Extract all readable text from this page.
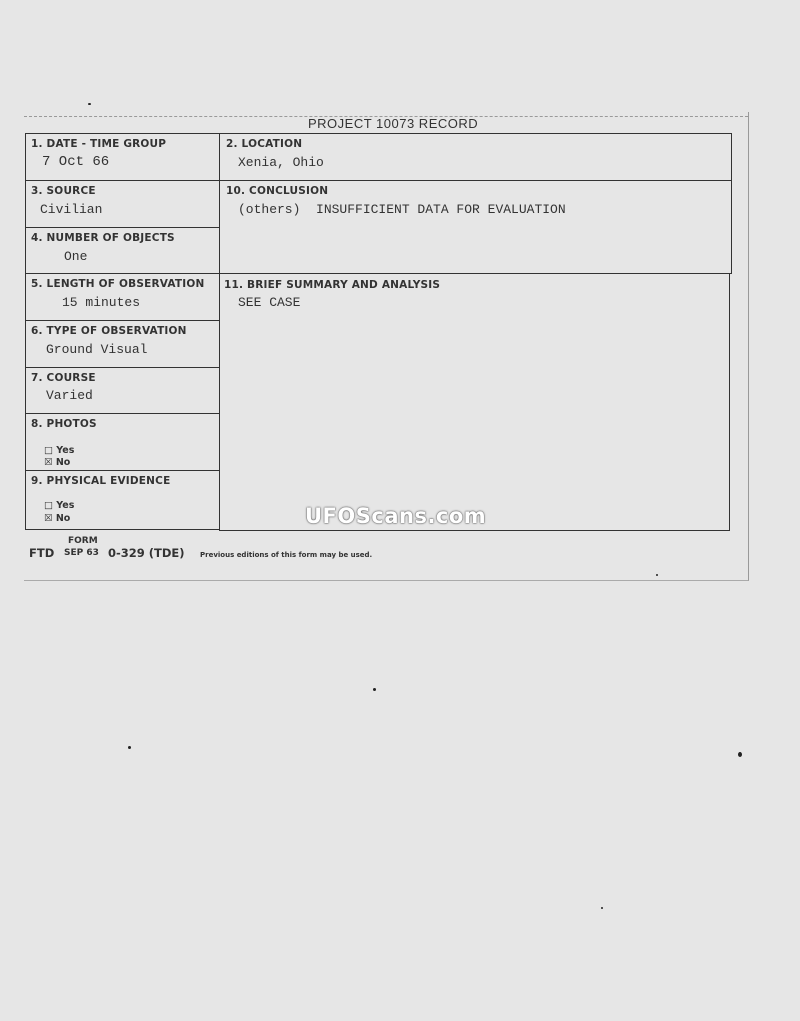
PROJECT 10073 RECORD
1. DATE - TIME GROUP
7 Oct 66
3. SOURCE
Civilian
4. NUMBER OF OBJECTS
One
5. LENGTH OF OBSERVATION
15 minutes
6. TYPE OF OBSERVATION
Ground Visual
7. COURSE
Varied
8. PHOTOS
□ Yes
☒ No
9. PHYSICAL EVIDENCE
□ Yes
☒ No
2. LOCATION
Xenia, Ohio
10. CONCLUSION
(others)  INSUFFICIENT DATA FOR EVALUATION
11. BRIEF SUMMARY AND ANALYSIS
SEE CASE
FORM
FTD SEP 63 0-329 (TDE) Previous editions of this form may be used.
UFOScans.com
